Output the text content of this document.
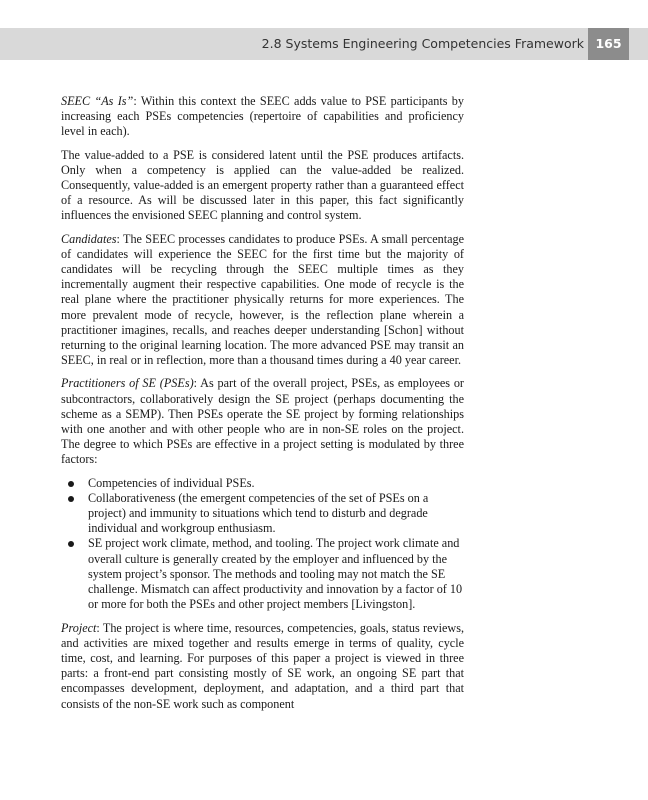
2.8 Systems Engineering Competencies Framework 165

SEEC “As Is”: Within this context the SEEC adds value to PSE participants by increasing each PSEs competencies (repertoire of capabilities and proficiency level in each).

The value-added to a PSE is considered latent until the PSE produces artifacts. Only when a competency is applied can the value-added be realized. Consequently, value-added is an emergent property rather than a guaranteed effect of a resource. As will be discussed later in this paper, this fact significantly influences the envisioned SEEC planning and control system.

Candidates: The SEEC processes candidates to produce PSEs. A small percentage of candidates will experience the SEEC for the first time but the majority of candidates will be recycling through the SEEC multiple times as they incrementally augment their respective capabilities. One mode of recycle is the real plane where the practitioner physically returns for more experiences. The more prevalent mode of recycle, however, is the reflection plane wherein a practitioner imagines, recalls, and reaches deeper understanding [Schon] without returning to the original learning location. The more advanced PSE may transit an SEEC, in real or in reflection, more than a thousand times during a 40 year career.

Practitioners of SE (PSEs): As part of the overall project, PSEs, as employees or subcontractors, collaboratively design the SE project (perhaps documenting the scheme as a SEMP). Then PSEs operate the SE project by forming relationships with one another and with other people who are in non-SE roles on the project. The degree to which PSEs are effective in a project setting is modulated by three factors:

Competencies of individual PSEs.
Collaborativeness (the emergent competencies of the set of PSEs on a project) and immunity to situations which tend to disturb and degrade individual and workgroup enthusiasm.
SE project work climate, method, and tooling. The project work climate and overall culture is generally created by the employer and influenced by the system project’s sponsor. The methods and tooling may not match the SE challenge. Mismatch can affect productivity and innovation by a factor of 10 or more for both the PSEs and other project members [Livingston].

Project: The project is where time, resources, competencies, goals, status reviews, and activities are mixed together and results emerge in terms of quality, cycle time, cost, and learning. For purposes of this paper a project is viewed in three parts: a front-end part consisting mostly of SE work, an ongoing SE part that encompasses development, deployment, and adaptation, and a third part that consists of the non-SE work such as component
